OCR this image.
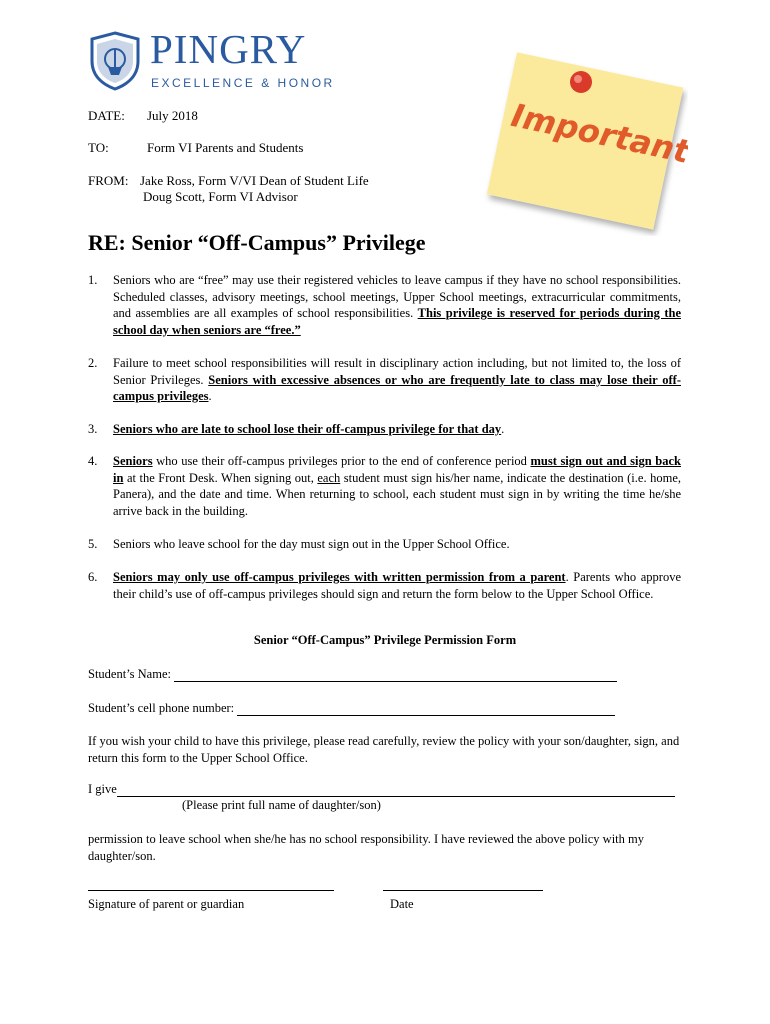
PINGRY
EXCELLENCE & HONOR
Important
DATE: July 2018
TO:	Form VI Parents and Students
FROM: Jake Ross, Form V/VI Dean of Student Life
Doug Scott, Form VI Advisor
RE: Senior “Off-Campus” Privilege
1. Seniors who are “free” may use their registered vehicles to leave campus if they have no school responsibilities. Scheduled classes, advisory meetings, school meetings, Upper School meetings, extracurricular commitments, and assemblies are all examples of school responsibilities. This privilege is reserved for periods during the school day when seniors are “free.”
2. Failure to meet school responsibilities will result in disciplinary action including, but not limited to, the loss of Senior Privileges. Seniors with excessive absences or who are frequently late to class may lose their off-campus privileges.
3. Seniors who are late to school lose their off-campus privilege for that day.
4. Seniors who use their off-campus privileges prior to the end of conference period must sign out and sign back in at the Front Desk. When signing out, each student must sign his/her name, indicate the destination (i.e. home, Panera), and the date and time. When returning to school, each student must sign in by writing the time he/she arrive back in the building.
5. Seniors who leave school for the day must sign out in the Upper School Office.
6. Seniors may only use off-campus privileges with written permission from a parent. Parents who approve their child’s use of off-campus privileges should sign and return the form below to the Upper School Office.
Senior “Off-Campus” Privilege Permission Form
Student’s Name:
Student’s cell phone number:
If you wish your child to have this privilege, please read carefully, review the policy with your son/daughter, sign, and return this form to the Upper School Office.
I give
(Please print full name of daughter/son)
permission to leave school when she/he has no school responsibility. I have reviewed the above policy with my daughter/son.
Signature of parent or guardian	Date
